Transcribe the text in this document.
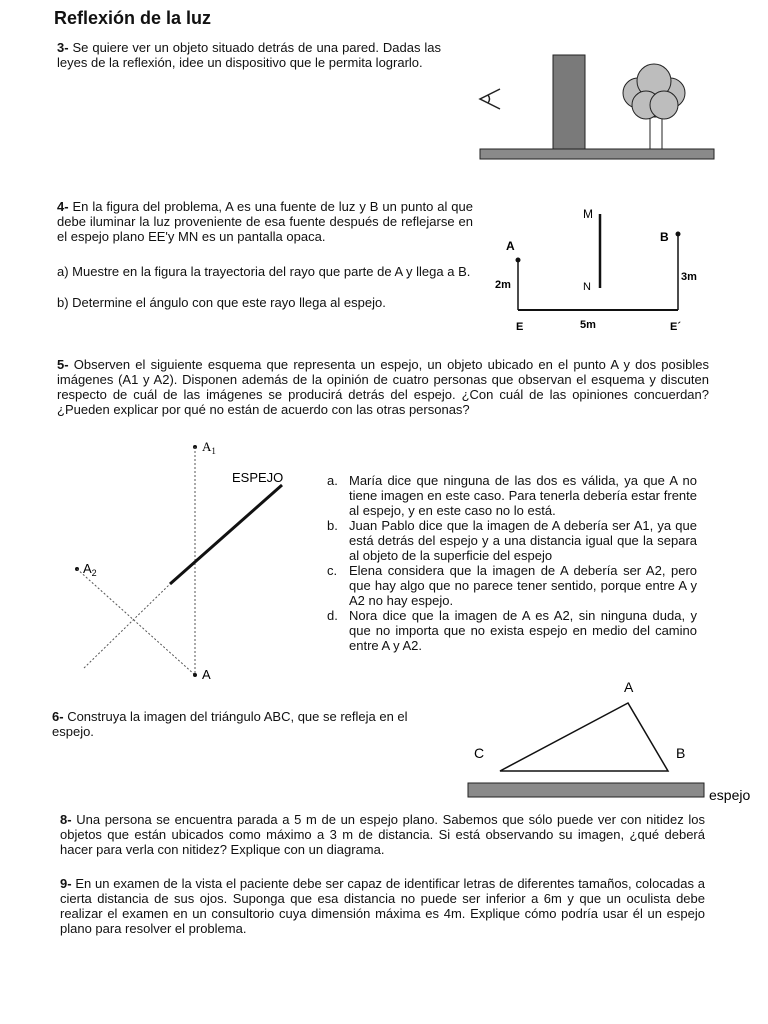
Reflexión de la luz
3- Se quiere ver un objeto situado detrás de una pared. Dadas las leyes de la reflexión, idee un dispositivo que le permita lograrlo.
4- En la figura del problema, A es una fuente de luz y B un punto al que debe iluminar la luz proveniente de esa fuente después de reflejarse en el espejo plano EE'y MN es un pantalla opaca.
a) Muestre en la figura la trayectoria del rayo que parte de A y llega a B.
b) Determine el ángulo con que este rayo llega al espejo.
M
N
A
2m
B
3m
E	5m	E´
5- Observen el siguiente esquema que representa un espejo, un objeto ubicado en el punto A y dos posibles imágenes (A1 y A2). Disponen además de la opinión de cuatro personas que observan el esquema y discuten respecto de cuál de las imágenes se producirá detrás del espejo. ¿Con cuál de las opiniones concuerdan? ¿Pueden explicar por qué no están de acuerdo con las otras personas?
$A_1$
ESPEJO
$A_2$
A
a. María dice que ninguna de las dos es válida, ya que A no tiene imagen en este caso. Para tenerla debería estar frente al espejo, y en este caso no lo está.
b. Juan Pablo dice que la imagen de A debería ser A1, ya que está detrás del espejo y a una distancia igual que la separa al objeto de la superficie del espejo
c. Elena considera que la imagen de A debería ser A2, pero que hay algo que no parece tener sentido, porque entre A y A2 no hay espejo.
d. Nora dice que la imagen de A es A2, sin ninguna duda, y que no importa que no exista espejo en medio del camino entre A y A2.
6- Construya la imagen del triángulo ABC, que se refleja en el espejo.
A
C	B
espejo
8- Una persona se encuentra parada a 5 m de un espejo plano. Sabemos que sólo puede ver con nitidez los objetos que están ubicados como máximo a 3 m de distancia. Si está observando su imagen, ¿qué deberá hacer para verla con nitidez? Explique con un diagrama.
9- En un examen de la vista el paciente debe ser capaz de identificar letras de diferentes tamaños, colocadas a cierta distancia de sus ojos. Suponga que esa distancia no puede ser inferior a 6m y que un oculista debe realizar el examen en un consultorio cuya dimensión máxima es 4m. Explique cómo podría usar él un espejo plano para resolver el problema.
